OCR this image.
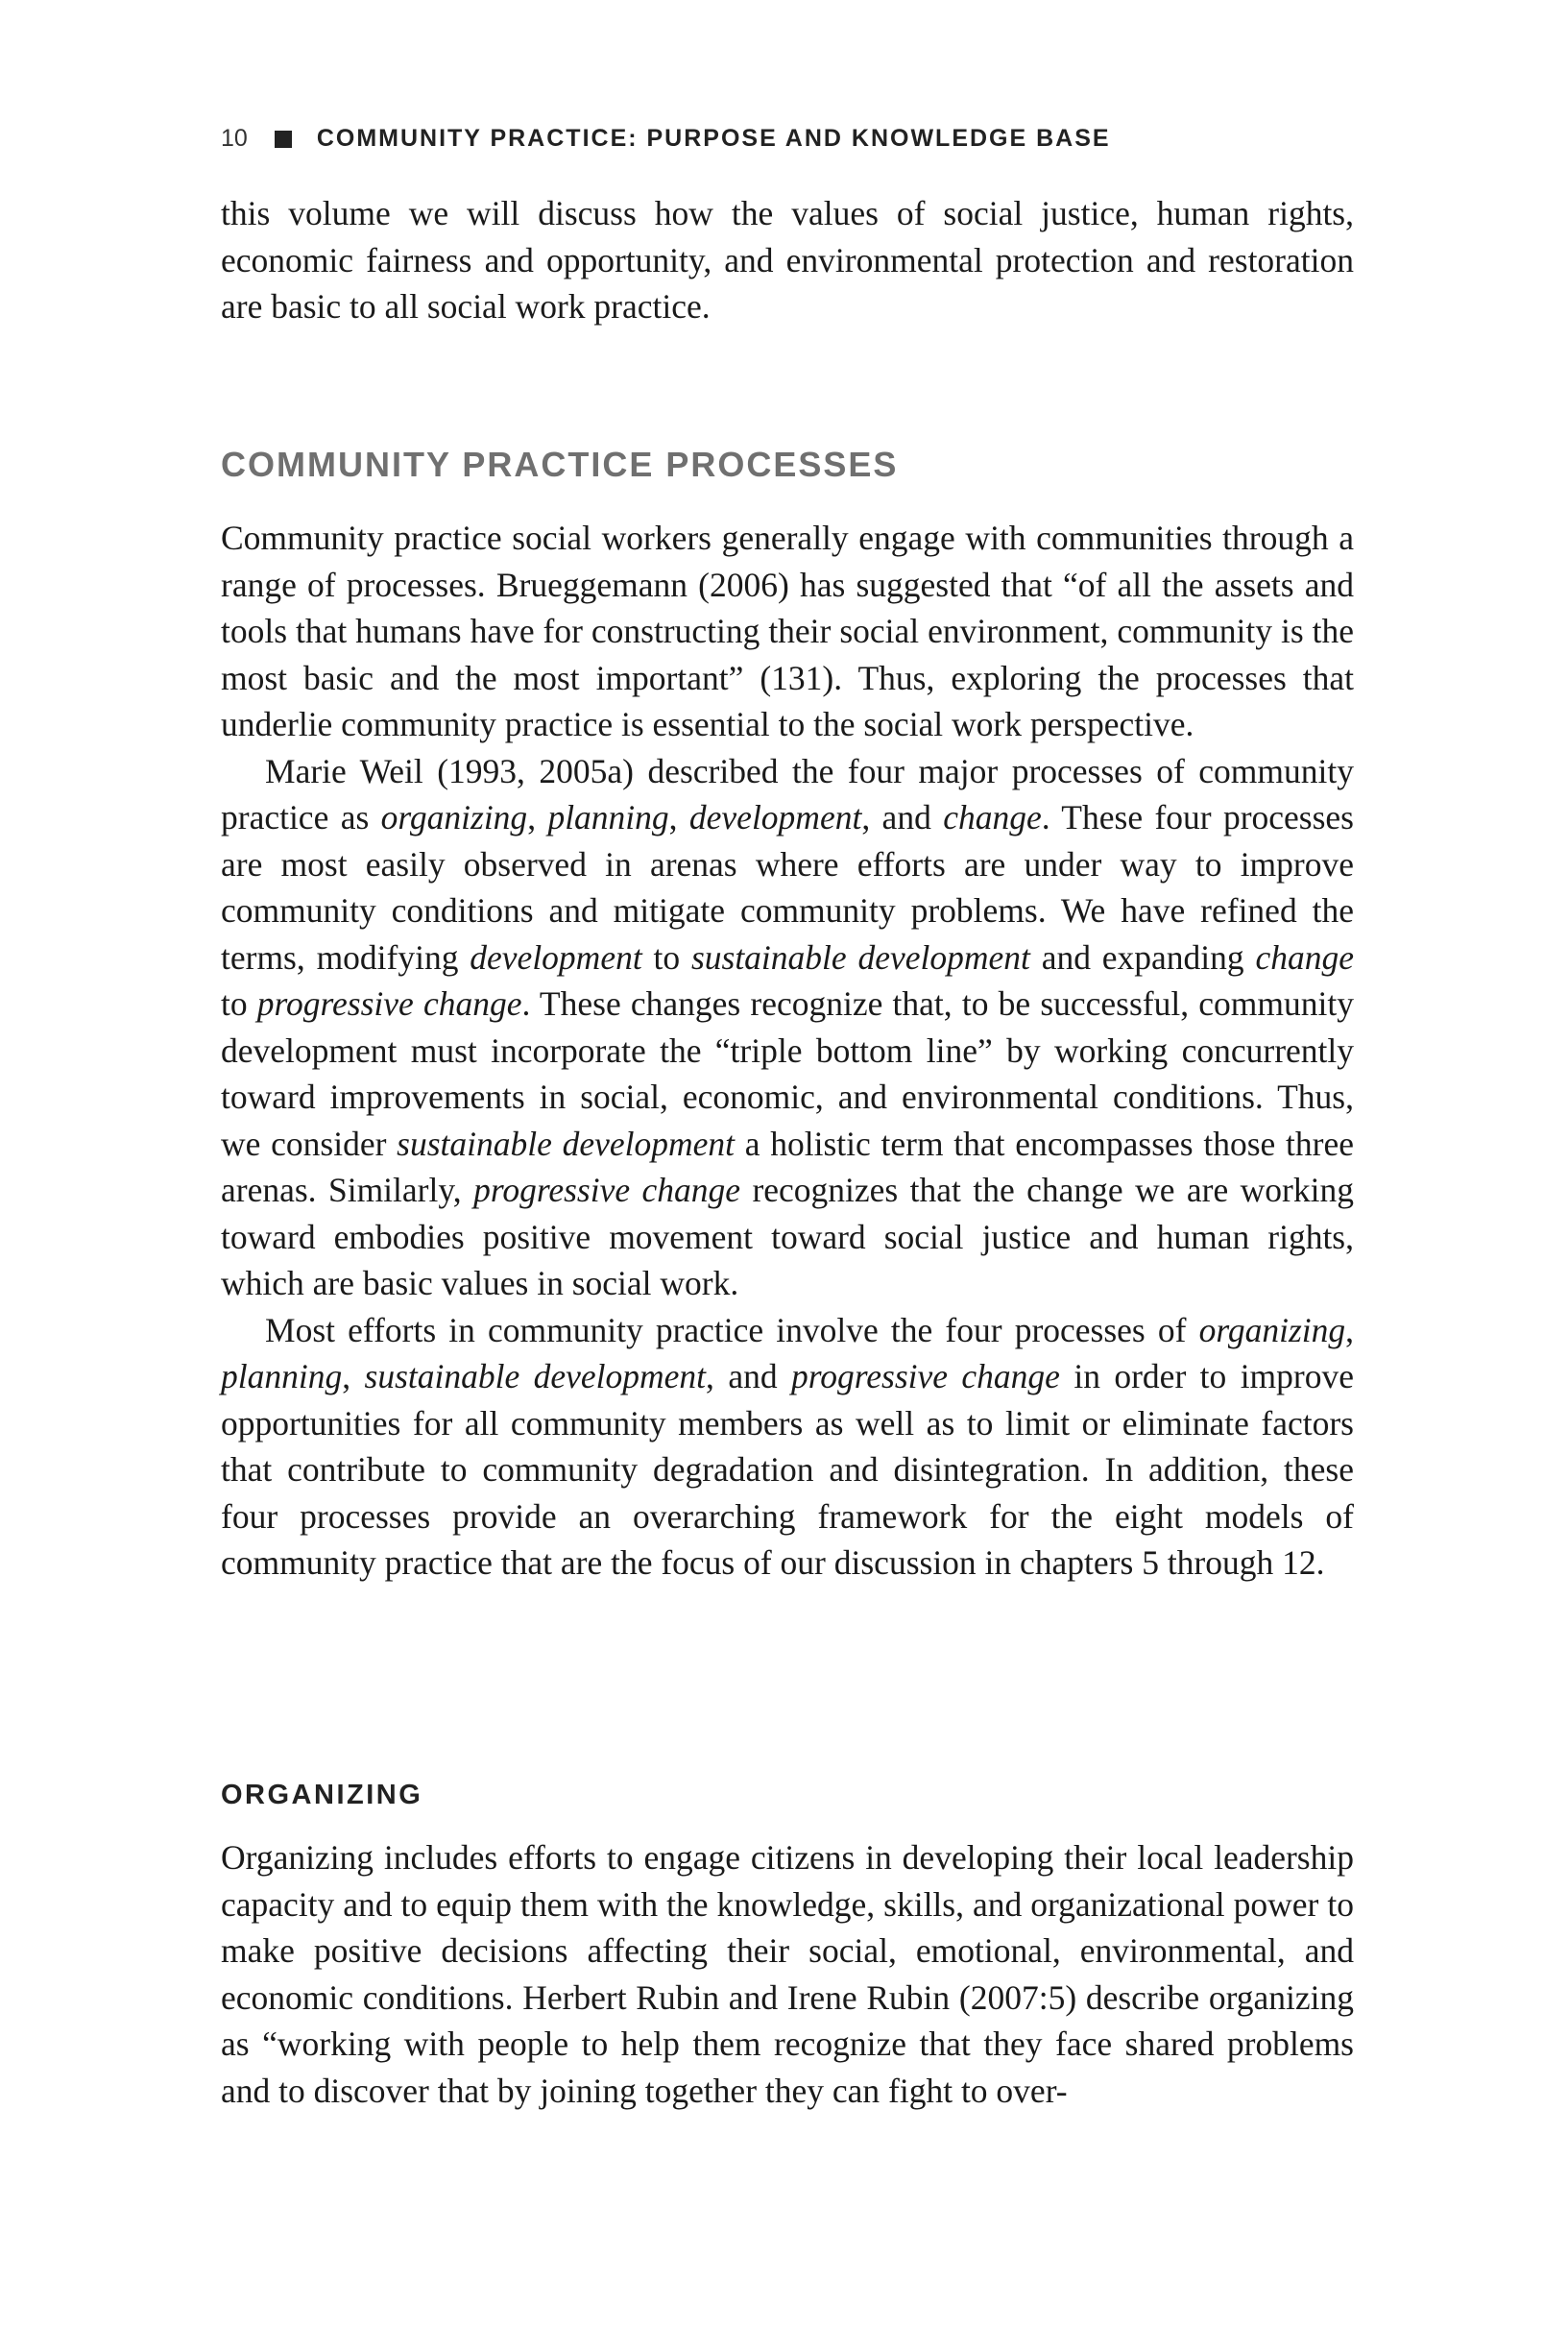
10	COMMUNITY PRACTICE: PURPOSE AND KNOWLEDGE BASE

this volume we will discuss how the values of social justice, human rights, economic fairness and opportunity, and environmental protection and restoration are basic to all social work practice.

COMMUNITY PRACTICE PROCESSES

Community practice social workers generally engage with communities through a range of processes. Brueggemann (2006) has suggested that “of all the assets and tools that humans have for constructing their social environment, community is the most basic and the most important” (131). Thus, exploring the processes that underlie community practice is essential to the social work perspective.

Marie Weil (1993, 2005a) described the four major processes of community practice as organizing, planning, development, and change. These four processes are most easily observed in arenas where efforts are under way to improve community conditions and mitigate community problems. We have refined the terms, modifying development to sustainable development and expanding change to progressive change. These changes recognize that, to be successful, community development must incorporate the “triple bottom line” by working concurrently toward improvements in social, economic, and environmental conditions. Thus, we consider sustainable development a holistic term that encompasses those three arenas. Similarly, progressive change recognizes that the change we are working toward embodies positive movement toward social justice and human rights, which are basic values in social work.

Most efforts in community practice involve the four processes of organizing, planning, sustainable development, and progressive change in order to improve opportunities for all community members as well as to limit or eliminate factors that contribute to community degradation and disintegration. In addition, these four processes provide an overarching framework for the eight models of community practice that are the focus of our discussion in chapters 5 through 12.

ORGANIZING

Organizing includes efforts to engage citizens in developing their local leadership capacity and to equip them with the knowledge, skills, and organizational power to make positive decisions affecting their social, emotional, environmental, and economic conditions. Herbert Rubin and Irene Rubin (2007:5) describe organizing as “working with people to help them recognize that they face shared problems and to discover that by joining together they can fight to over-
